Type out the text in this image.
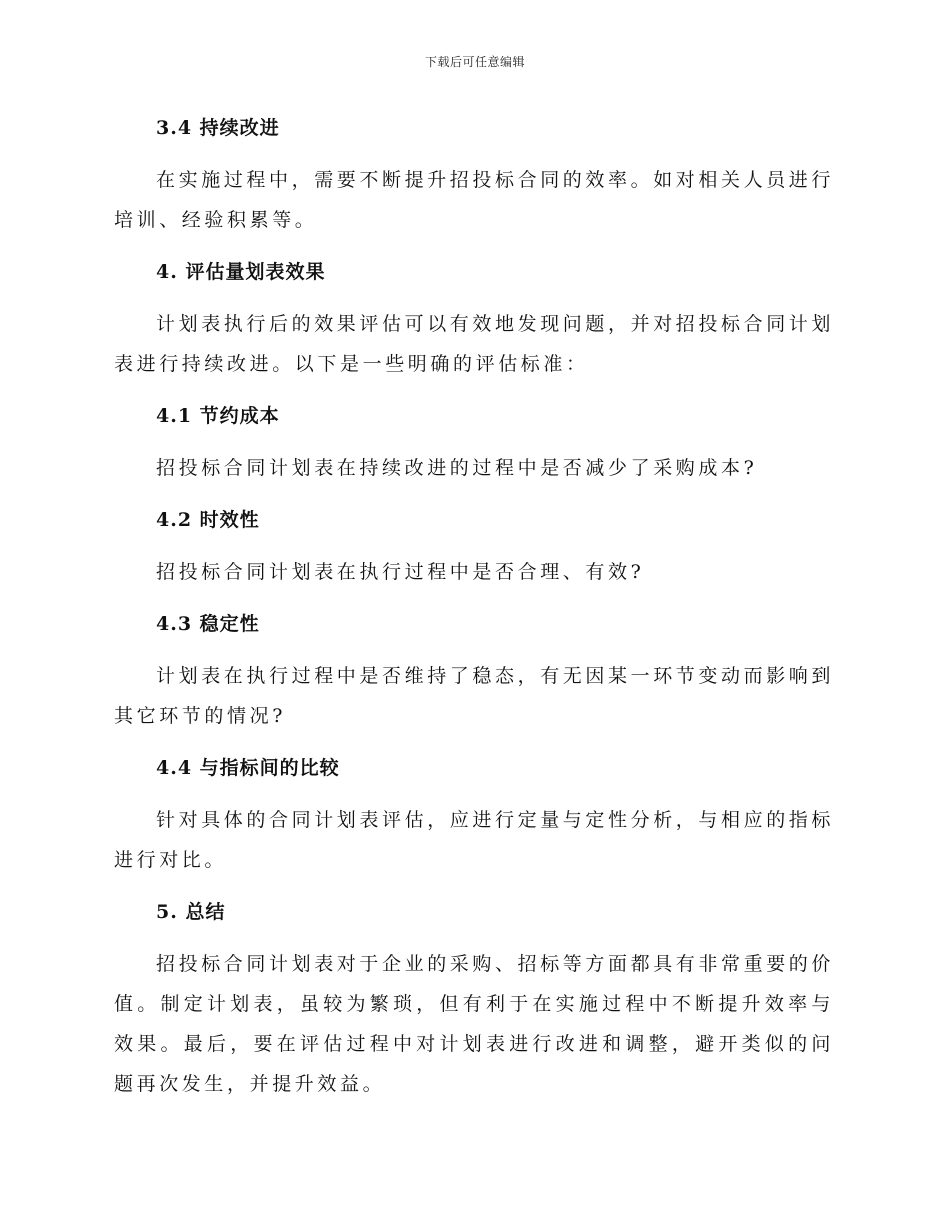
下载后可任意编辑
3.4 持续改进
在实施过程中，需要不断提升招投标合同的效率。如对相关人员进行培训、经验积累等。
4. 评估量划表效果
计划表执行后的效果评估可以有效地发现问题，并对招投标合同计划表进行持续改进。以下是一些明确的评估标准：
4.1 节约成本
招投标合同计划表在持续改进的过程中是否减少了采购成本?
4.2 时效性
招投标合同计划表在执行过程中是否合理、有效?
4.3 稳定性
计划表在执行过程中是否维持了稳态，有无因某一环节变动而影响到其它环节的情况?
4.4 与指标间的比较
针对具体的合同计划表评估，应进行定量与定性分析，与相应的指标进行对比。
5. 总结
招投标合同计划表对于企业的采购、招标等方面都具有非常重要的价值。制定计划表，虽较为繁琐，但有利于在实施过程中不断提升效率与效果。最后，要在评估过程中对计划表进行改进和调整，避开类似的问题再次发生，并提升效益。
